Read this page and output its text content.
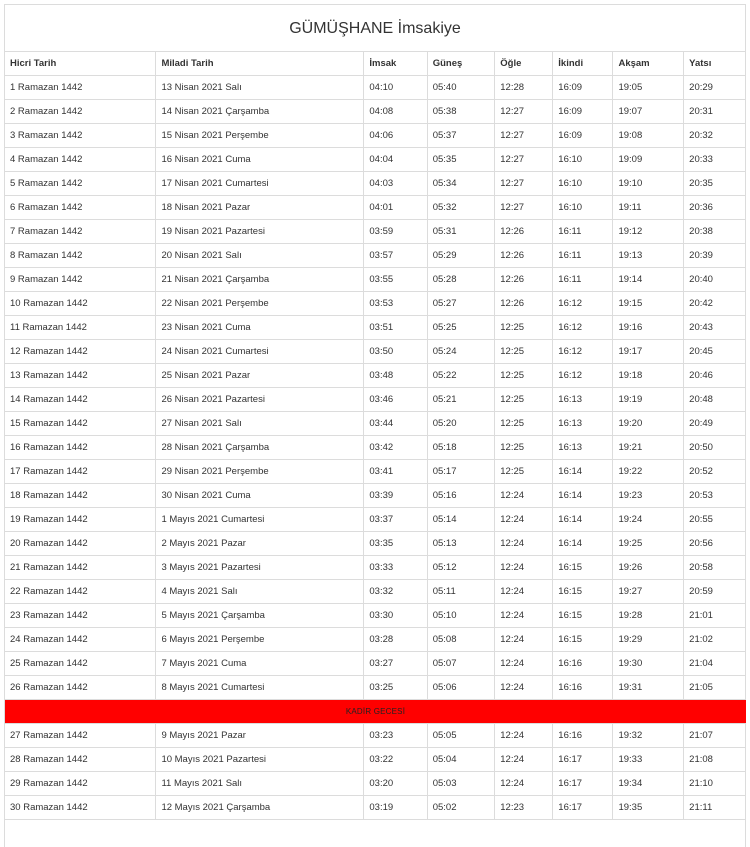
GÜMÜŞHANE İmsakiye
Hicri Tarih	Miladi Tarih	İmsak	Güneş	Öğle	İkindi	Akşam	Yatsı
1 Ramazan 1442	13 Nisan 2021 Salı	04:10	05:40	12:28	16:09	19:05	20:29
2 Ramazan 1442	14 Nisan 2021 Çarşamba	04:08	05:38	12:27	16:09	19:07	20:31
3 Ramazan 1442	15 Nisan 2021 Perşembe	04:06	05:37	12:27	16:09	19:08	20:32
4 Ramazan 1442	16 Nisan 2021 Cuma	04:04	05:35	12:27	16:10	19:09	20:33
5 Ramazan 1442	17 Nisan 2021 Cumartesi	04:03	05:34	12:27	16:10	19:10	20:35
6 Ramazan 1442	18 Nisan 2021 Pazar	04:01	05:32	12:27	16:10	19:11	20:36
7 Ramazan 1442	19 Nisan 2021 Pazartesi	03:59	05:31	12:26	16:11	19:12	20:38
8 Ramazan 1442	20 Nisan 2021 Salı	03:57	05:29	12:26	16:11	19:13	20:39
9 Ramazan 1442	21 Nisan 2021 Çarşamba	03:55	05:28	12:26	16:11	19:14	20:40
10 Ramazan 1442	22 Nisan 2021 Perşembe	03:53	05:27	12:26	16:12	19:15	20:42
11 Ramazan 1442	23 Nisan 2021 Cuma	03:51	05:25	12:25	16:12	19:16	20:43
12 Ramazan 1442	24 Nisan 2021 Cumartesi	03:50	05:24	12:25	16:12	19:17	20:45
13 Ramazan 1442	25 Nisan 2021 Pazar	03:48	05:22	12:25	16:12	19:18	20:46
14 Ramazan 1442	26 Nisan 2021 Pazartesi	03:46	05:21	12:25	16:13	19:19	20:48
15 Ramazan 1442	27 Nisan 2021 Salı	03:44	05:20	12:25	16:13	19:20	20:49
16 Ramazan 1442	28 Nisan 2021 Çarşamba	03:42	05:18	12:25	16:13	19:21	20:50
17 Ramazan 1442	29 Nisan 2021 Perşembe	03:41	05:17	12:25	16:14	19:22	20:52
18 Ramazan 1442	30 Nisan 2021 Cuma	03:39	05:16	12:24	16:14	19:23	20:53
19 Ramazan 1442	1 Mayıs 2021 Cumartesi	03:37	05:14	12:24	16:14	19:24	20:55
20 Ramazan 1442	2 Mayıs 2021 Pazar	03:35	05:13	12:24	16:14	19:25	20:56
21 Ramazan 1442	3 Mayıs 2021 Pazartesi	03:33	05:12	12:24	16:15	19:26	20:58
22 Ramazan 1442	4 Mayıs 2021 Salı	03:32	05:11	12:24	16:15	19:27	20:59
23 Ramazan 1442	5 Mayıs 2021 Çarşamba	03:30	05:10	12:24	16:15	19:28	21:01
24 Ramazan 1442	6 Mayıs 2021 Perşembe	03:28	05:08	12:24	16:15	19:29	21:02
25 Ramazan 1442	7 Mayıs 2021 Cuma	03:27	05:07	12:24	16:16	19:30	21:04
26 Ramazan 1442	8 Mayıs 2021 Cumartesi	03:25	05:06	12:24	16:16	19:31	21:05
KADİR GECESİ							
27 Ramazan 1442	9 Mayıs 2021 Pazar	03:23	05:05	12:24	16:16	19:32	21:07
28 Ramazan 1442	10 Mayıs 2021 Pazartesi	03:22	05:04	12:24	16:17	19:33	21:08
29 Ramazan 1442	11 Mayıs 2021 Salı	03:20	05:03	12:24	16:17	19:34	21:10
30 Ramazan 1442	12 Mayıs 2021 Çarşamba	03:19	05:02	12:23	16:17	19:35	21:11
